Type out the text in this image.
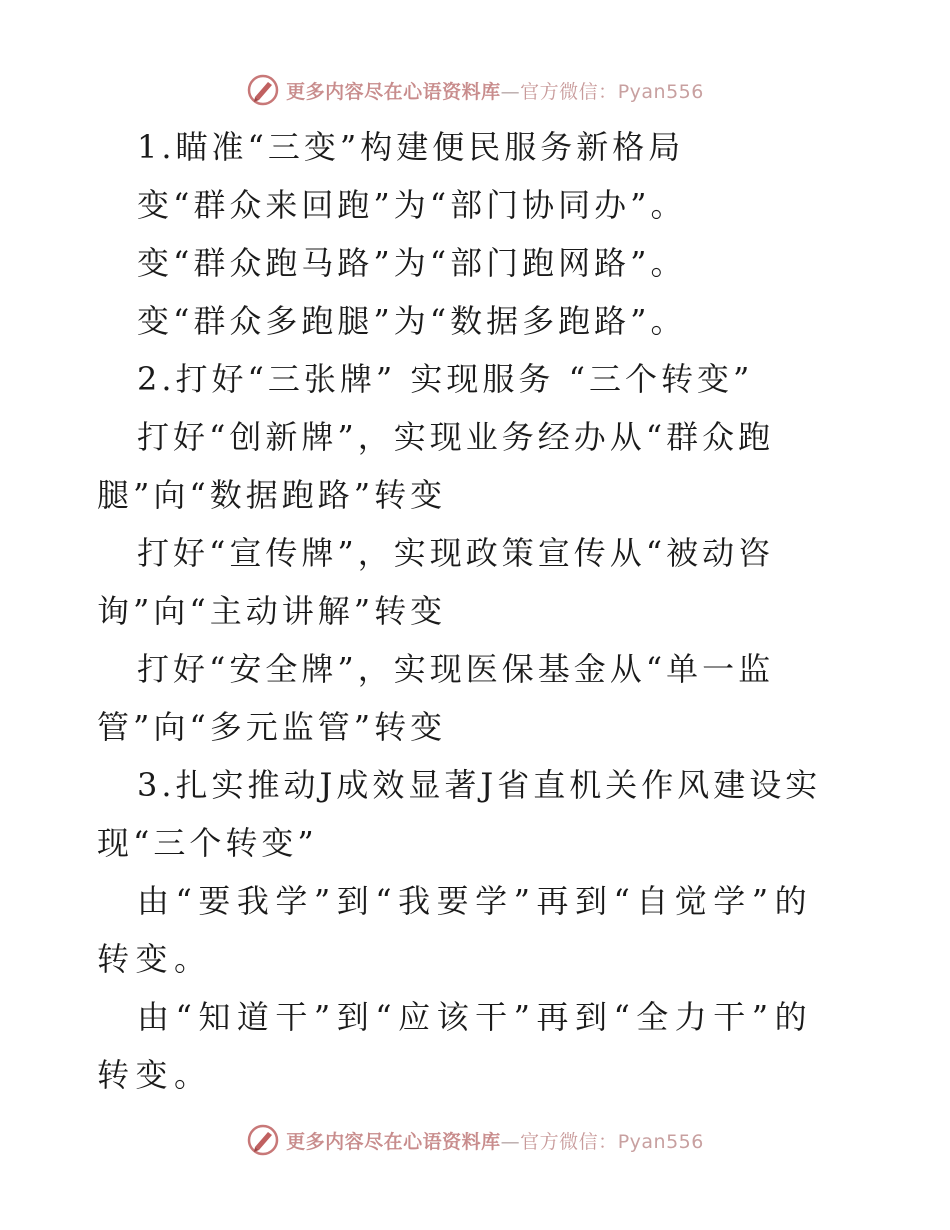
更多内容尽在心语资料库—官方微信：Pyan556

1.瞄准“三变”构建便民服务新格局

变“群众来回跑”为“部门协同办”。

变“群众跑马路”为“部门跑网路”。

变“群众多跑腿”为“数据多跑路”。

2.打好“三张牌” 实现服务 “三个转变”

打好“创新牌”，实现业务经办从“群众跑腿”向“数据跑路”转变

打好“宣传牌”，实现政策宣传从“被动咨询”向“主动讲解”转变

打好“安全牌”，实现医保基金从“单一监管”向“多元监管”转变

3.扎实推动J成效显著J省直机关作风建设实现“三个转变”

由“要我学”到“我要学”再到“自觉学”的转变。

由“知道干”到“应该干”再到“全力干”的转变。

更多内容尽在心语资料库—官方微信：Pyan556
